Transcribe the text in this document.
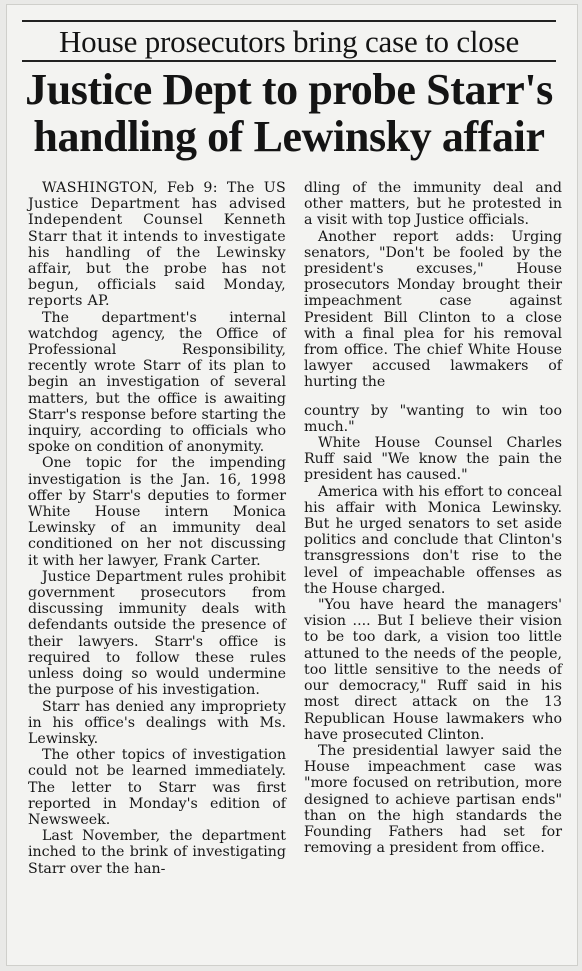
House prosecutors bring case to close
Justice Dept to probe Starr's
handling of Lewinsky affair

WASHINGTON, Feb 9: The US Justice Department has advised Independent Counsel Kenneth Starr that it intends to investigate his handling of the Lewinsky affair, but the probe has not begun, officials said Monday, reports AP.

The department's internal watchdog agency, the Office of Professional Responsibility, recently wrote Starr of its plan to begin an investigation of several matters, but the office is awaiting Starr's response before starting the inquiry, according to officials who spoke on condition of anonymity.

One topic for the impending investigation is the Jan. 16, 1998 offer by Starr's deputies to former White House intern Monica Lewinsky of an immunity deal conditioned on her not discussing it with her lawyer, Frank Carter.

Justice Department rules prohibit government prosecutors from discussing immunity deals with defendants outside the presence of their lawyers. Starr's office is required to follow these rules unless doing so would undermine the purpose of his investigation.

Starr has denied any impropriety in his office's dealings with Ms. Lewinsky.

The other topics of investigation could not be learned immediately. The letter to Starr was first reported in Monday's edition of Newsweek.

Last November, the department inched to the brink of investigating Starr over the han-

dling of the immunity deal and other matters, but he protested in a visit with top Justice officials.

Another report adds: Urging senators, "Don't be fooled by the president's excuses," House prosecutors Monday brought their impeachment case against President Bill Clinton to a close with a final plea for his removal from office. The chief White House lawyer accused lawmakers of hurting the

country by "wanting to win too much."

White House Counsel Charles Ruff said "We know the pain the president has caused."

America with his effort to conceal his affair with Monica Lewinsky. But he urged senators to set aside politics and conclude that Clinton's transgressions don't rise to the level of impeachable offenses as the House charged.

"You have heard the managers' vision .... But I believe their vision to be too dark, a vision too little attuned to the needs of the people, too little sensitive to the needs of our democracy," Ruff said in his most direct attack on the 13 Republican House lawmakers who have prosecuted Clinton.

The presidential lawyer said the House impeachment case was "more focused on retribution, more designed to achieve partisan ends" than on the high standards the Founding Fathers had set for removing a president from office.
